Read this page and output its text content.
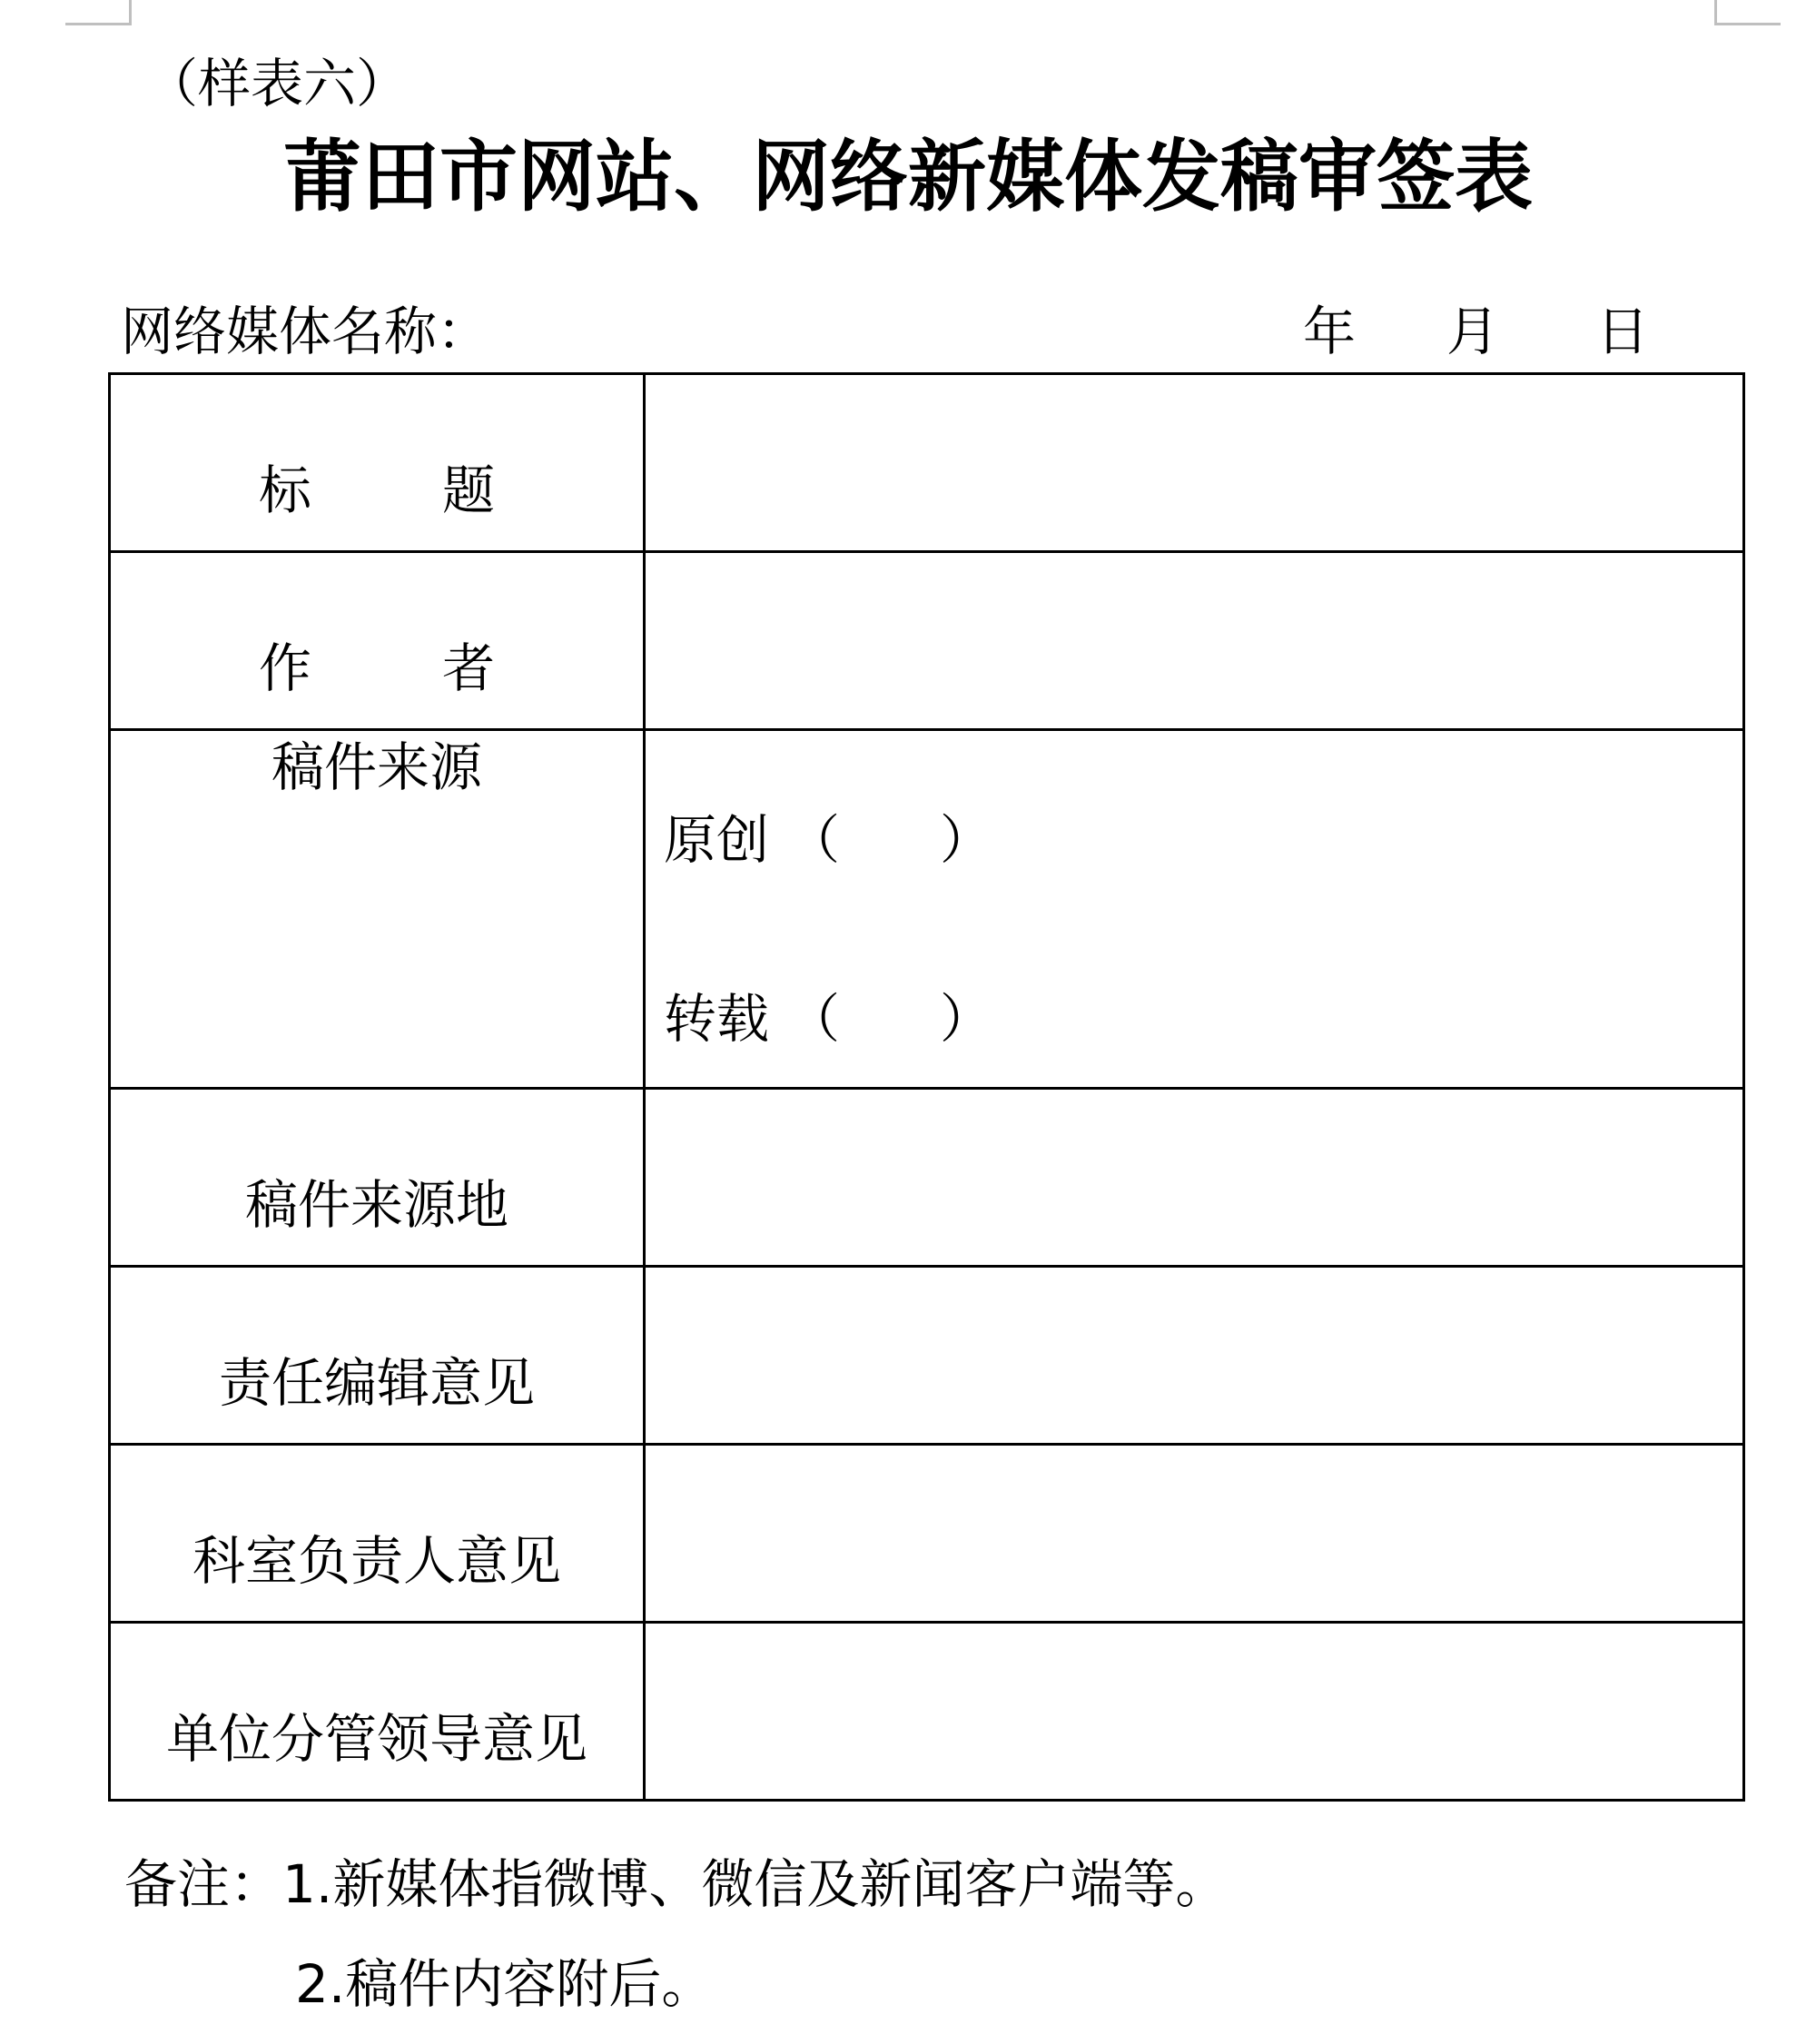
（样表六）
莆田市网站、网络新媒体发稿审签表
网络媒体名称：	年 月 日
标 题	

作 者	

稿件来源	原创 （ ）
转载 （ ）

稿件来源地	
责任编辑意见	
科室负责人意见	
单位分管领导意见	
备注：1.新媒体指微博、微信及新闻客户端等。
2.稿件内容附后。
